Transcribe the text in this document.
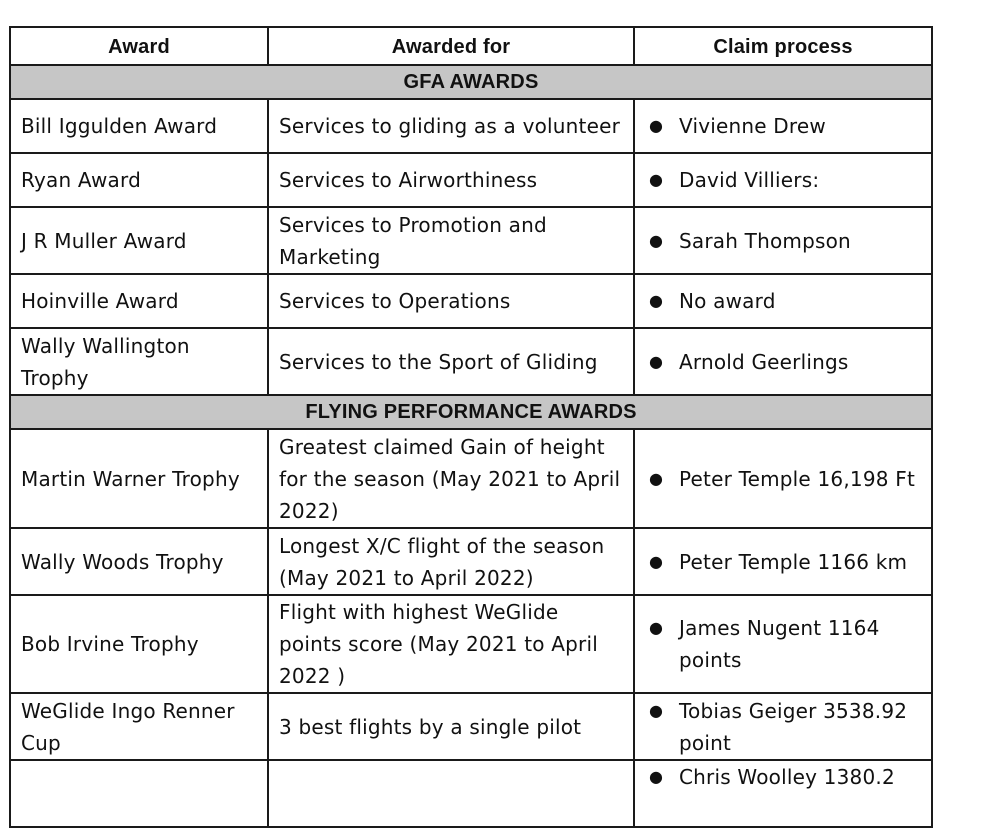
Award	Awarded for	Claim process
GFA AWARDS		
Bill Iggulden Award	Services to gliding as a volunteer	● Vivienne Drew

Ryan Award	Services to Airworthiness	● David Villiers:

J R Muller Award	Services to Promotion and Marketing	● Sarah Thompson

Hoinville Award	Services to Operations	● No award

Wally Wallington Trophy	Services to the Sport of Gliding	● Arnold Geerlings

FLYING PERFORMANCE AWARDS		
Martin Warner Trophy	Greatest claimed Gain of height for the season (May 2021 to April 2022)	● Peter Temple 16,198 Ft

Wally Woods Trophy	Longest X/C flight of the season (May 2021 to April 2022)	● Peter Temple 1166 km

Bob Irvine Trophy	Flight with highest WeGlide points score (May 2021 to April 2022 )	● James Nugent 1164 points

WeGlide Ingo Renner Cup	3 best flights by a single pilot	● Tobias Geiger 3538.92 point

		● Chris Woolley 1380.2
